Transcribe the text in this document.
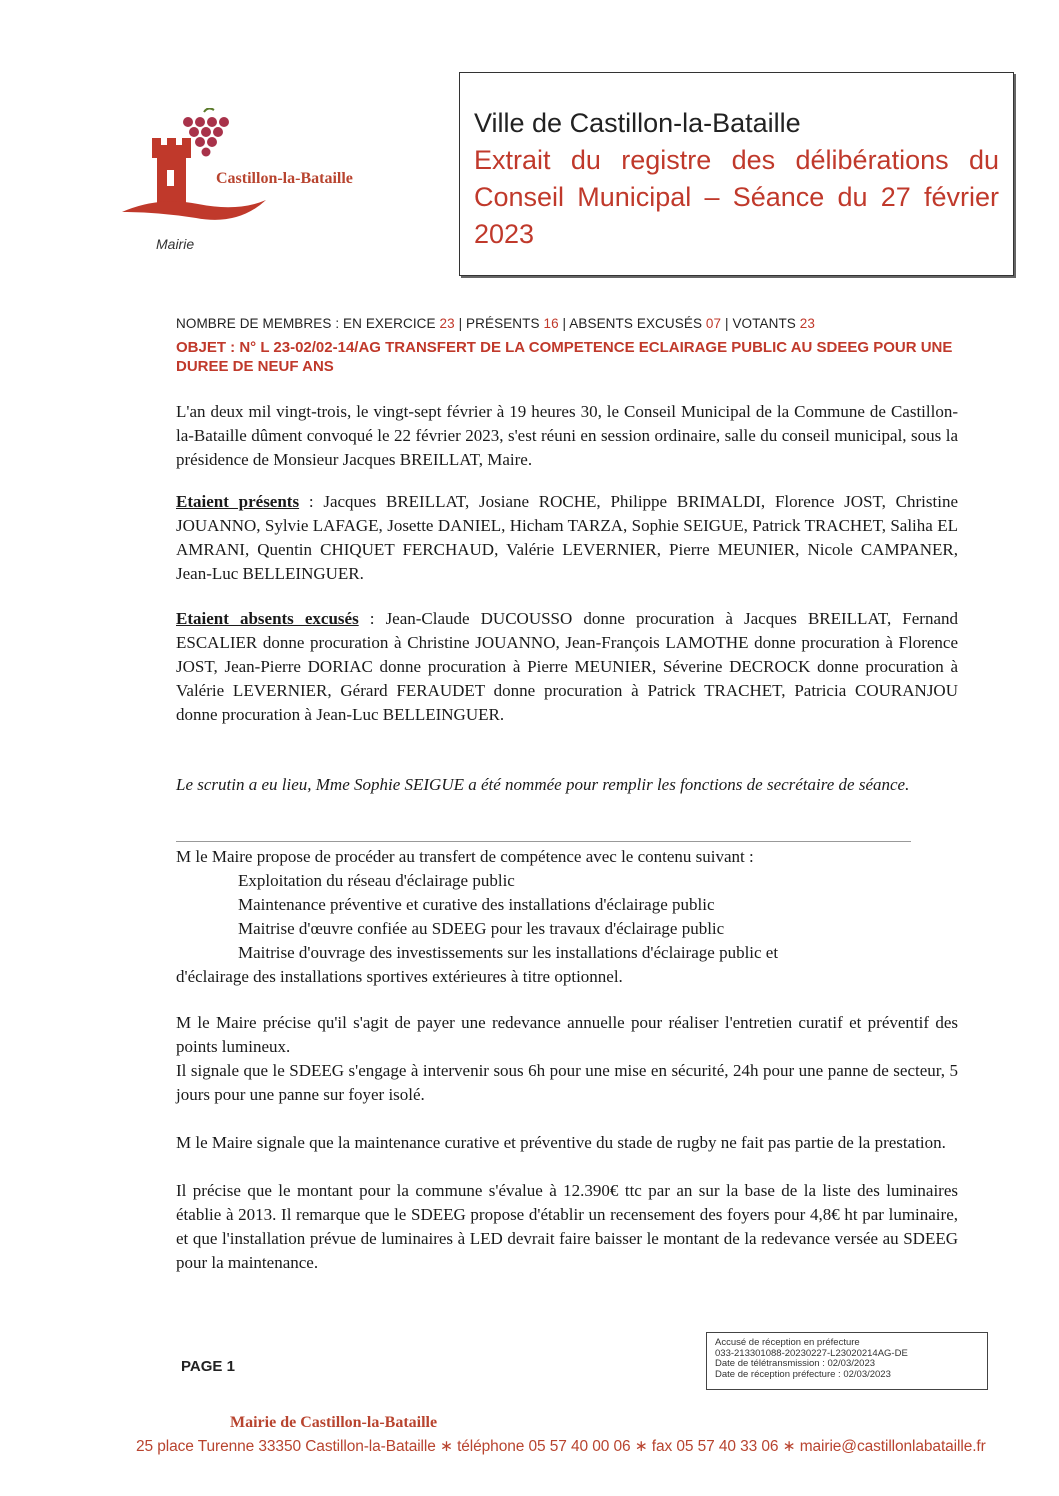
Castillon-la-Bataille
Mairie
Ville de Castillon-la-Bataille
Extrait du registre des délibérations du Conseil Municipal – Séance du 27 février 2023
NOMBRE DE MEMBRES : EN EXERCICE 23 | PRÉSENTS 16 | ABSENTS EXCUSÉS 07 | VOTANTS 23
OBJET : N° L 23-02/02-14/AG TRANSFERT DE LA COMPETENCE ECLAIRAGE PUBLIC AU SDEEG POUR UNE DUREE DE NEUF ANS
L'an deux mil vingt-trois, le vingt-sept février à 19 heures 30, le Conseil Municipal de la Commune de Castillon-la-Bataille dûment convoqué le 22 février 2023, s'est réuni en session ordinaire, salle du conseil municipal, sous la présidence de Monsieur Jacques BREILLAT, Maire.
Etaient présents : Jacques BREILLAT, Josiane ROCHE, Philippe BRIMALDI, Florence JOST, Christine JOUANNO, Sylvie LAFAGE, Josette DANIEL, Hicham TARZA, Sophie SEIGUE, Patrick TRACHET, Saliha EL AMRANI, Quentin CHIQUET FERCHAUD, Valérie LEVERNIER, Pierre MEUNIER, Nicole CAMPANER, Jean-Luc BELLEINGUER.
Etaient absents excusés : Jean-Claude DUCOUSSO donne procuration à Jacques BREILLAT, Fernand ESCALIER donne procuration à Christine JOUANNO, Jean-François LAMOTHE donne procuration à Florence JOST, Jean-Pierre DORIAC donne procuration à Pierre MEUNIER, Séverine DECROCK donne procuration à Valérie LEVERNIER, Gérard FERAUDET donne procuration à Patrick TRACHET, Patricia COURANJOU donne procuration à Jean-Luc BELLEINGUER.
Le scrutin a eu lieu, Mme Sophie SEIGUE a été nommée pour remplir les fonctions de secrétaire de séance.
M le Maire propose de procéder au transfert de compétence avec le contenu suivant :
Exploitation du réseau d'éclairage public
Maintenance préventive et curative des installations d'éclairage public
Maitrise d'œuvre confiée au SDEEG pour les travaux d'éclairage public
Maitrise d'ouvrage des investissements sur les installations d'éclairage public et
d'éclairage des installations sportives extérieures à titre optionnel.
M le Maire précise qu'il s'agit de payer une redevance annuelle pour réaliser l'entretien curatif et préventif des points lumineux.
Il signale que le SDEEG s'engage à intervenir sous 6h pour une mise en sécurité, 24h pour une panne de secteur, 5 jours pour une panne sur foyer isolé.
M le Maire signale que la maintenance curative et préventive du stade de rugby ne fait pas partie de la prestation.
Il précise que le montant pour la commune s'évalue à 12.390€ ttc par an sur la base de la liste des luminaires établie à 2013. Il remarque que le SDEEG propose d'établir un recensement des foyers pour 4,8€ ht par luminaire, et que l'installation prévue de luminaires à LED devrait faire baisser le montant de la redevance versée au SDEEG pour la maintenance.
Accusé de réception en préfecture
033-213301088-20230227-L23020214AG-DE
Date de télétransmission : 02/03/2023
Date de réception préfecture : 02/03/2023
PAGE 1
Mairie de Castillon-la-Bataille
25 place Turenne 33350 Castillon-la-Bataille ∗ téléphone 05 57 40 00 06 ∗ fax 05 57 40 33 06 ∗ mairie@castillonlabataille.fr
